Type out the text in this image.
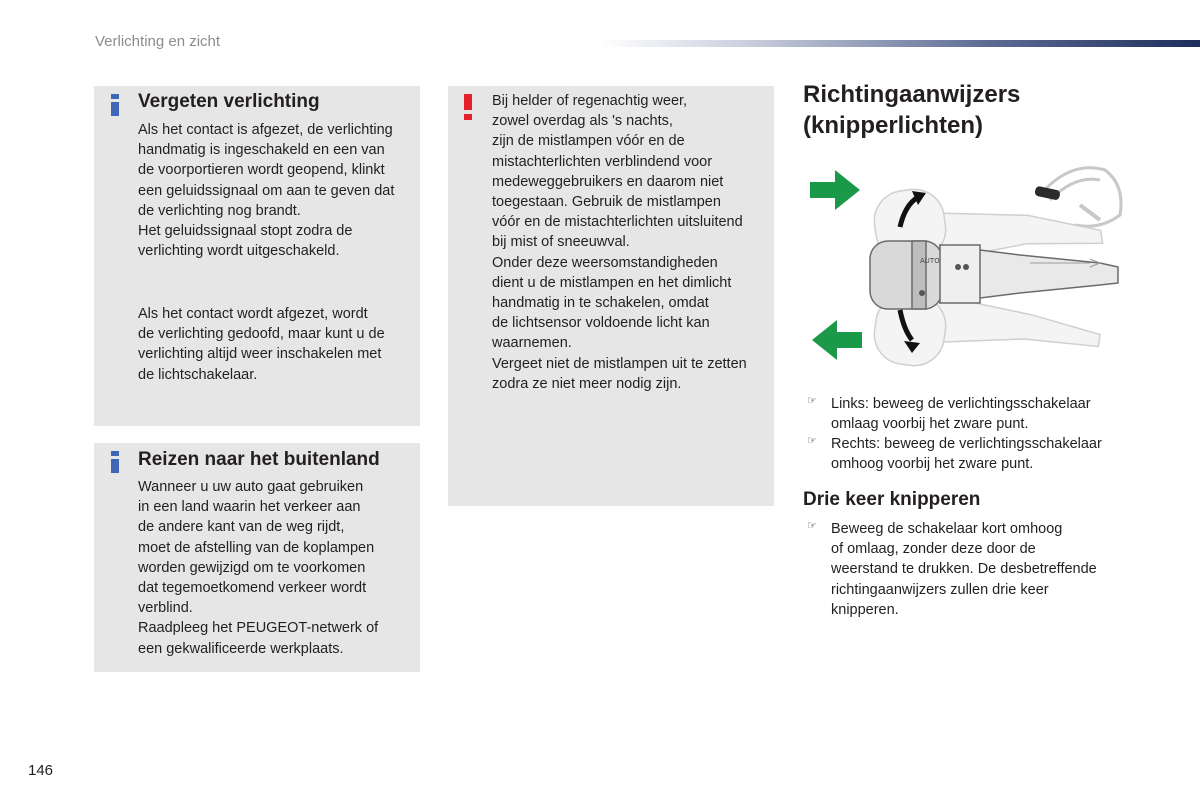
Verlichting en zicht
Vergeten verlichting
Als het contact is afgezet, de verlichting
handmatig is ingeschakeld en een van
de voorportieren wordt geopend, klinkt
een geluidssignaal om aan te geven dat
de verlichting nog brandt.
Het geluidssignaal stopt zodra de
verlichting wordt uitgeschakeld.
Als het contact wordt afgezet, wordt
de verlichting gedoofd, maar kunt u de
verlichting altijd weer inschakelen met
de lichtschakelaar.
Reizen naar het buitenland
Wanneer u uw auto gaat gebruiken
in een land waarin het verkeer aan
de andere kant van de weg rijdt,
moet de afstelling van de koplampen
worden gewijzigd om te voorkomen
dat tegemoetkomend verkeer wordt
verblind.
Raadpleeg het PEUGEOT-netwerk of
een gekwalificeerde werkplaats.
Bij helder of regenachtig weer,
zowel overdag als 's nachts,
zijn de mistlampen vóór en de
mistachterlichten verblindend voor
medeweggebruikers en daarom niet
toegestaan. Gebruik de mistlampen
vóór en de mistachterlichten uitsluitend
bij mist of sneeuwval.
Onder deze weersomstandigheden
dient u de mistlampen en het dimlicht
handmatig in te schakelen, omdat
de lichtsensor voldoende licht kan
waarnemen.
Vergeet niet de mistlampen uit te zetten
zodra ze niet meer nodig zijn.
Richtingaanwijzers
(knipperlichten)
AUTO
☞ Links: beweeg de verlichtingsschakelaar
omlaag voorbij het zware punt.
☞ Rechts: beweeg de verlichtingsschakelaar
omhoog voorbij het zware punt.
Drie keer knipperen
☞ Beweeg de schakelaar kort omhoog
of omlaag, zonder deze door de
weerstand te drukken. De desbetreffende
richtingaanwijzers zullen drie keer
knipperen.
146
